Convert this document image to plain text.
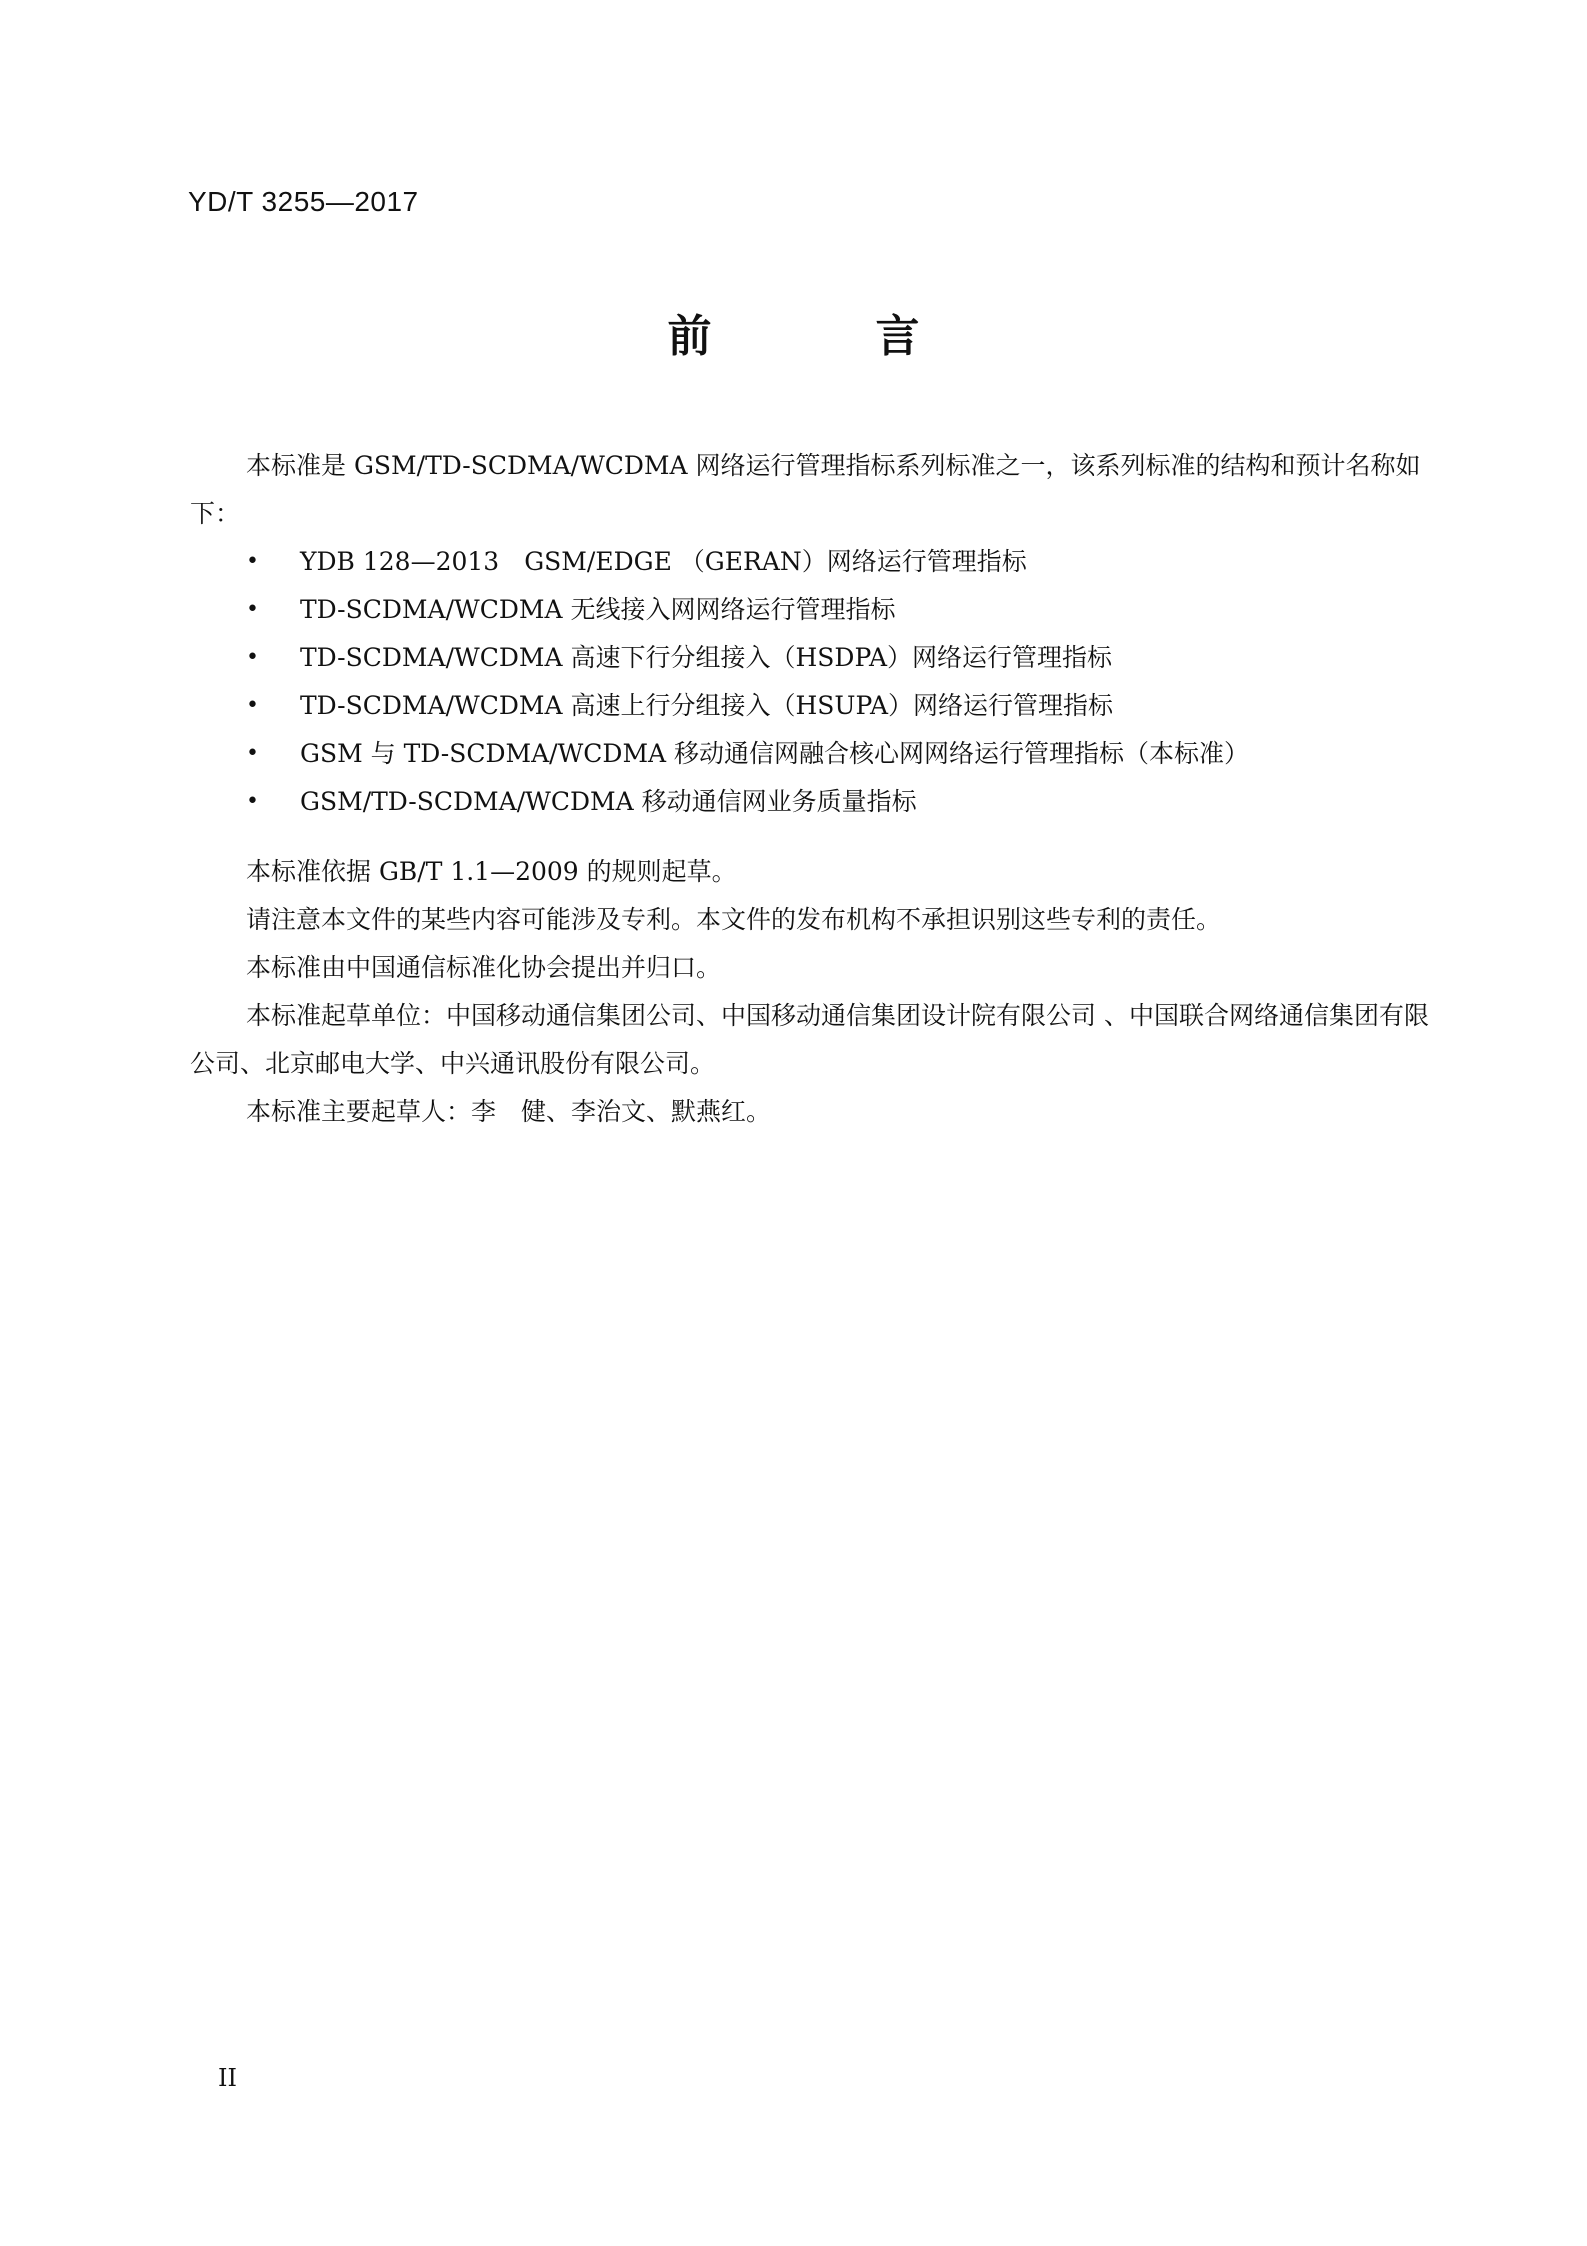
YD/T 3255—2017
前　言

本标准是 GSM/TD-SCDMA/WCDMA 网络运行管理指标系列标准之一，该系列标准的结构和预计名称如下：

• YDB 128—2013　GSM/EDGE （GERAN）网络运行管理指标
• TD-SCDMA/WCDMA 无线接入网网络运行管理指标
• TD-SCDMA/WCDMA 高速下行分组接入（HSDPA）网络运行管理指标
• TD-SCDMA/WCDMA 高速上行分组接入（HSUPA）网络运行管理指标
• GSM 与 TD-SCDMA/WCDMA 移动通信网融合核心网网络运行管理指标（本标准）
• GSM/TD-SCDMA/WCDMA 移动通信网业务质量指标

本标准依据 GB/T 1.1—2009 的规则起草。

请注意本文件的某些内容可能涉及专利。本文件的发布机构不承担识别这些专利的责任。

本标准由中国通信标准化协会提出并归口。

本标准起草单位：中国移动通信集团公司、中国移动通信集团设计院有限公司 、中国联合网络通信集团有限公司、北京邮电大学、中兴通讯股份有限公司。

本标准主要起草人：李　健、李治文、默燕红。

II
